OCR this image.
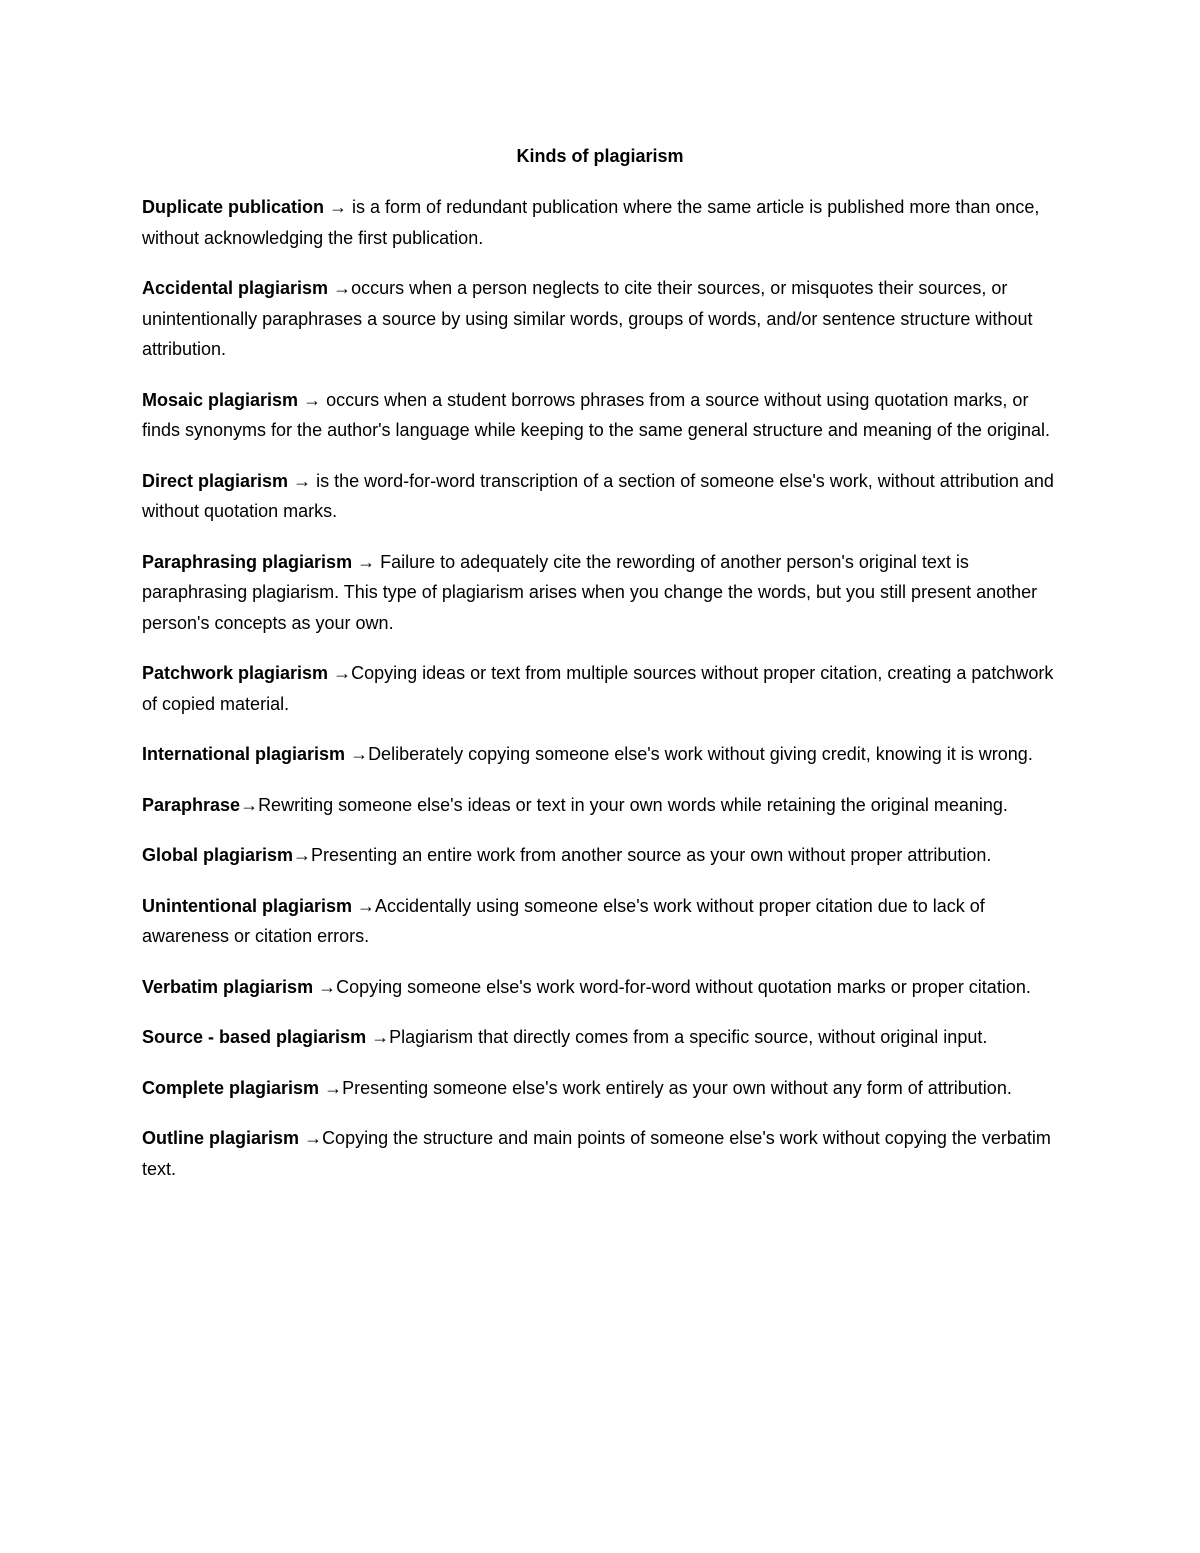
Kinds of plagiarism

Duplicate publication → is a form of redundant publication where the same article is published more than once, without acknowledging the first publication.

Accidental plagiarism →occurs when a person neglects to cite their sources, or misquotes their sources, or unintentionally paraphrases a source by using similar words, groups of words, and/or sentence structure without attribution.

Mosaic plagiarism → occurs when a student borrows phrases from a source without using quotation marks, or finds synonyms for the author's language while keeping to the same general structure and meaning of the original.

Direct plagiarism → is the word-for-word transcription of a section of someone else's work, without attribution and without quotation marks.

Paraphrasing plagiarism → Failure to adequately cite the rewording of another person's original text is paraphrasing plagiarism. This type of plagiarism arises when you change the words, but you still present another person's concepts as your own.

Patchwork plagiarism →Copying ideas or text from multiple sources without proper citation, creating a patchwork of copied material.

International plagiarism →Deliberately copying someone else's work without giving credit, knowing it is wrong.

Paraphrase→Rewriting someone else's ideas or text in your own words while retaining the original meaning.

Global plagiarism→Presenting an entire work from another source as your own without proper attribution.

Unintentional plagiarism →Accidentally using someone else's work without proper citation due to lack of awareness or citation errors.

Verbatim plagiarism →Copying someone else's work word-for-word without quotation marks or proper citation.

Source - based plagiarism →Plagiarism that directly comes from a specific source, without original input.

Complete plagiarism →Presenting someone else's work entirely as your own without any form of attribution.

Outline plagiarism →Copying the structure and main points of someone else's work without copying the verbatim text.
